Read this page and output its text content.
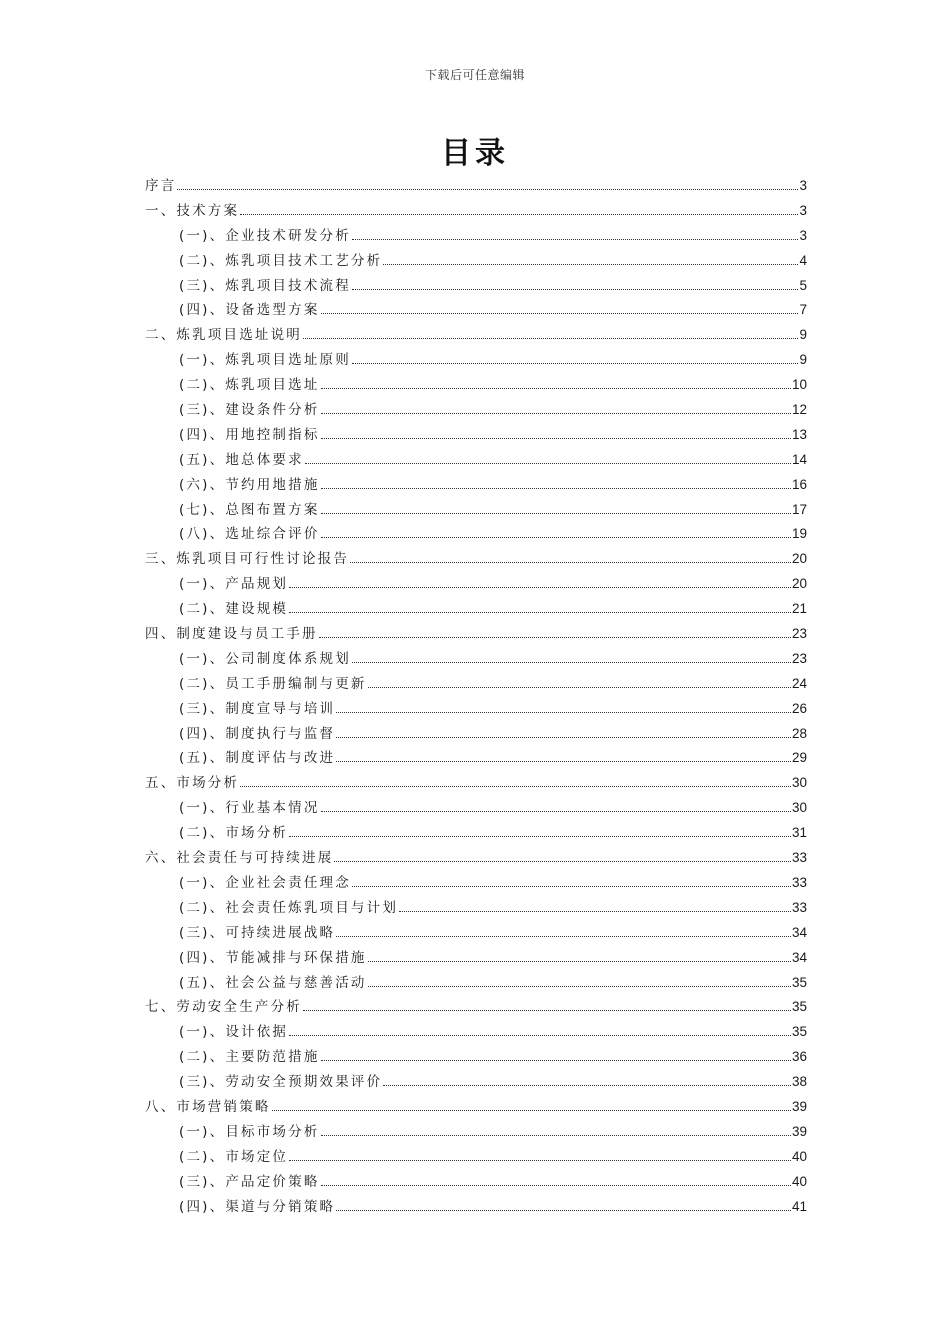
下载后可任意编辑
目录
序言	3
一、技术方案	3
(一)、企业技术研发分析	3
(二)、炼乳项目技术工艺分析	4
(三)、炼乳项目技术流程	5
(四)、设备选型方案	7
二、炼乳项目选址说明	9
(一)、炼乳项目选址原则	9
(二)、炼乳项目选址	10
(三)、建设条件分析	12
(四)、用地控制指标	13
(五)、地总体要求	14
(六)、节约用地措施	16
(七)、总图布置方案	17
(八)、选址综合评价	19
三、炼乳项目可行性讨论报告	20
(一)、产品规划	20
(二)、建设规模	21
四、制度建设与员工手册	23
(一)、公司制度体系规划	23
(二)、员工手册编制与更新	24
(三)、制度宣导与培训	26
(四)、制度执行与监督	28
(五)、制度评估与改进	29
五、市场分析	30
(一)、行业基本情况	30
(二)、市场分析	31
六、社会责任与可持续进展	33
(一)、企业社会责任理念	33
(二)、社会责任炼乳项目与计划	33
(三)、可持续进展战略	34
(四)、节能减排与环保措施	34
(五)、社会公益与慈善活动	35
七、劳动安全生产分析	35
(一)、设计依据	35
(二)、主要防范措施	36
(三)、劳动安全预期效果评价	38
八、市场营销策略	39
(一)、目标市场分析	39
(二)、市场定位	40
(三)、产品定价策略	40
(四)、渠道与分销策略	41
